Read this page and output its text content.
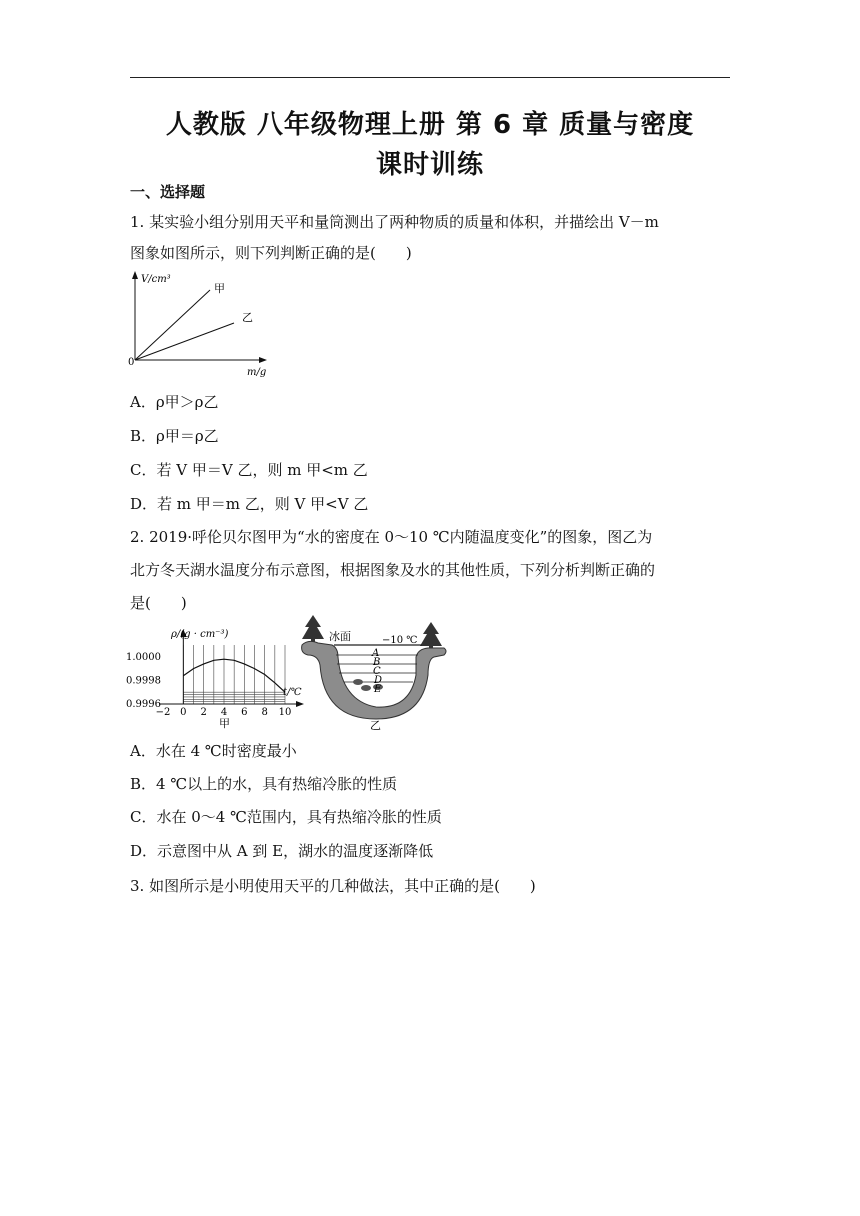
人教版 八年级物理上册 第 6 章 质量与密度
课时训练
一、选择题
1. 某实验小组分别用天平和量筒测出了两种物质的质量和体积，并描绘出 V－m
图象如图所示，则下列判断正确的是(　　)
V/cm³
m/g
0
甲
乙
A．ρ甲＞ρ乙
B．ρ甲＝ρ乙
C．若 V 甲＝V 乙，则 m 甲<m 乙
D．若 m 甲＝m 乙，则 V 甲<V 乙
2. 2019·呼伦贝尔图甲为“水的密度在 0～10 ℃内随温度变化”的图象，图乙为
北方冬天湖水温度分布示意图，根据图象及水的其他性质，下列分析判断正确的
是(　　)
−2 0 2 4 6 8 10
1.0000
0.9998
0.9996
ρ/(g · cm⁻³)
t/℃
甲
冰面	−10 ℃
A
B
C
D
E
乙
A．水在 4 ℃时密度最小
B．4 ℃以上的水，具有热缩冷胀的性质
C．水在 0～4 ℃范围内，具有热缩冷胀的性质
D．示意图中从 A 到 E，湖水的温度逐渐降低
3. 如图所示是小明使用天平的几种做法，其中正确的是(　　)
